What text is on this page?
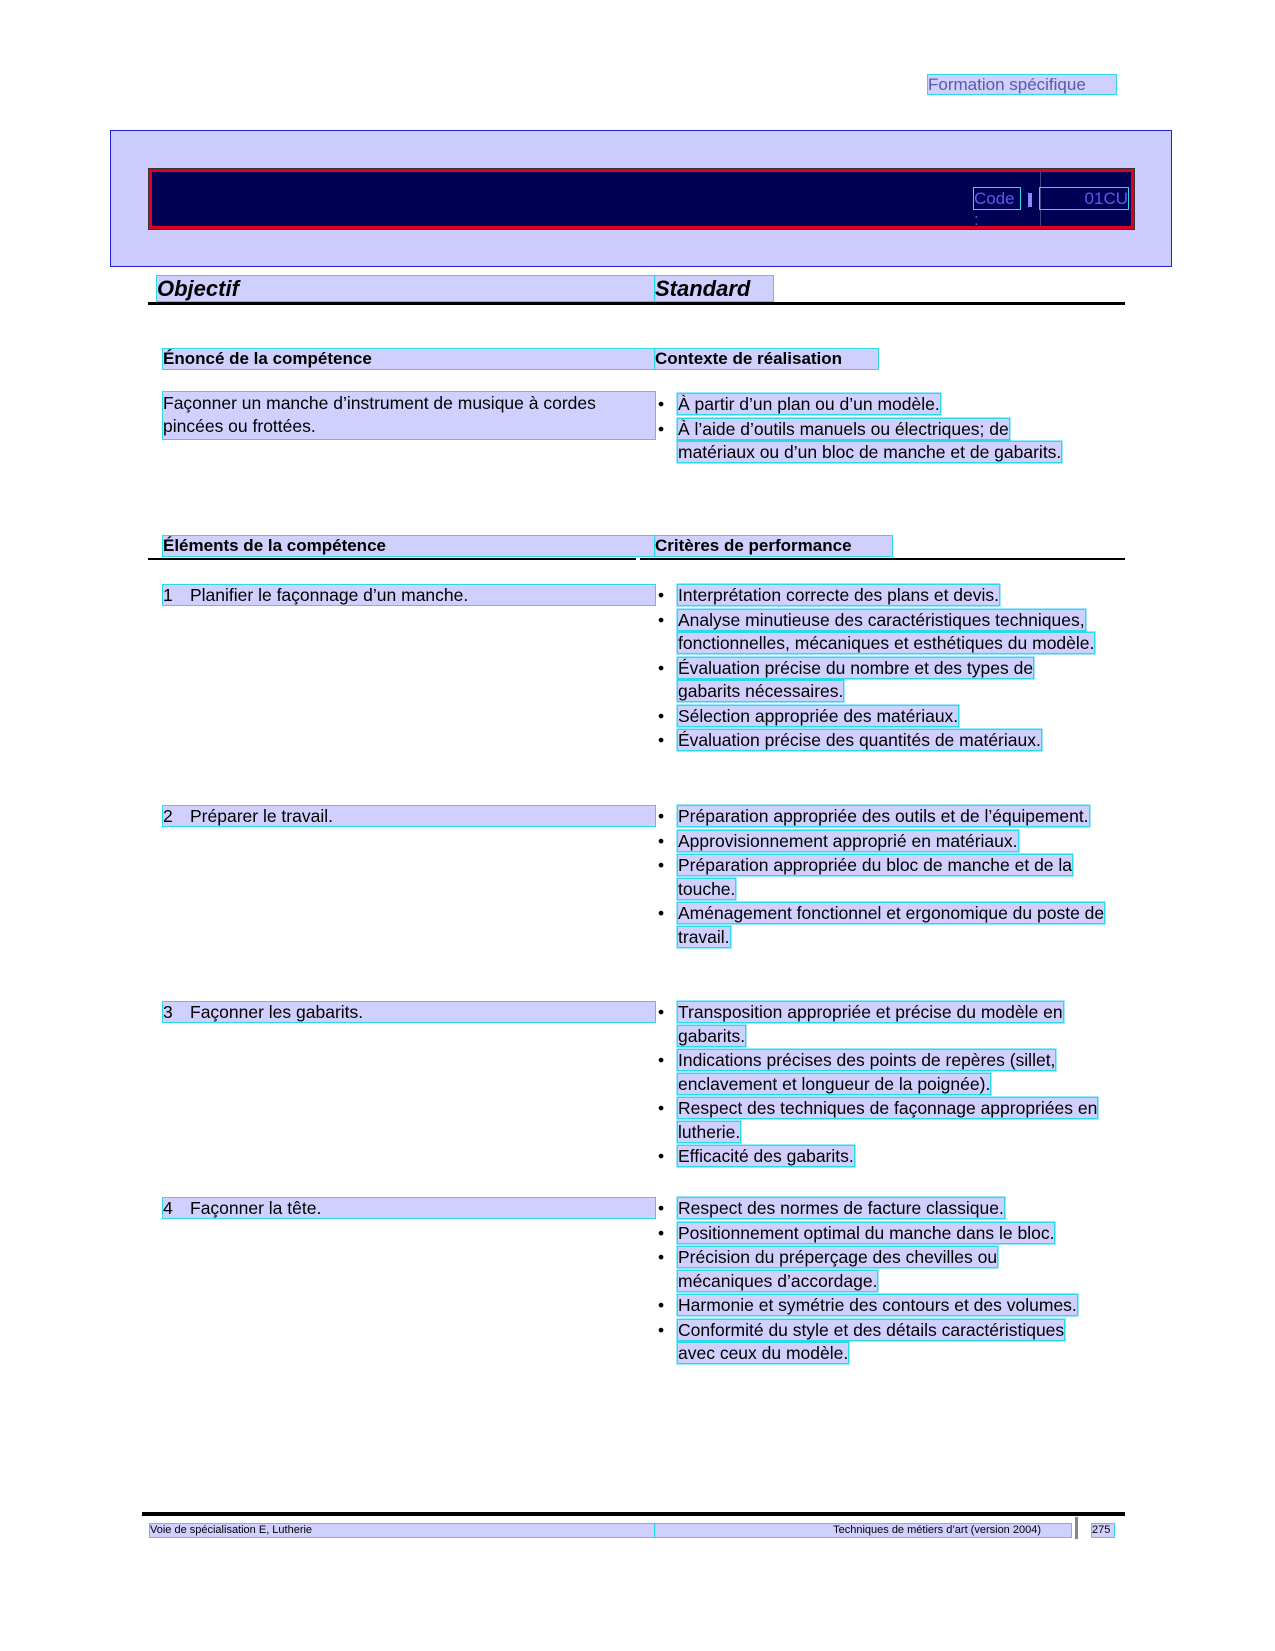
Formation spécifique
Code :
01CU
Objectif	Standard
Énoncé de la compétence	Contexte de réalisation
Façonner un manche d’instrument de musique à cordes pincées ou frottées.
• À partir d’un plan ou d’un modèle.
• À l’aide d’outils manuels ou électriques; de matériaux ou d’un bloc de manche et de gabarits.
Éléments de la compétence	Critères de performance
1 Planifier le façonnage d’un manche.	• Interprétation correcte des plans et devis.
• Analyse minutieuse des caractéristiques techniques, fonctionnelles, mécaniques et esthétiques du modèle.
• Évaluation précise du nombre et des types de gabarits nécessaires.
• Sélection appropriée des matériaux.
• Évaluation précise des quantités de matériaux.
2 Préparer le travail.	• Préparation appropriée des outils et de l’équipement.
• Approvisionnement approprié en matériaux.
• Préparation appropriée du bloc de manche et de la touche.
• Aménagement fonctionnel et ergonomique du poste de travail.
3 Façonner les gabarits.	• Transposition appropriée et précise du modèle en gabarits.
• Indications précises des points de repères (sillet, enclavement et longueur de la poignée).
• Respect des techniques de façonnage appropriées en lutherie.
• Efficacité des gabarits.
4 Façonner la tête.	• Respect des normes de facture classique.
• Positionnement optimal du manche dans le bloc.
• Précision du préperçage des chevilles ou mécaniques d’accordage.
• Harmonie et symétrie des contours et des volumes.
• Conformité du style et des détails caractéristiques avec ceux du modèle.
Voie de spécialisation E, Lutherie	Techniques de métiers d’art (version 2004)	275
